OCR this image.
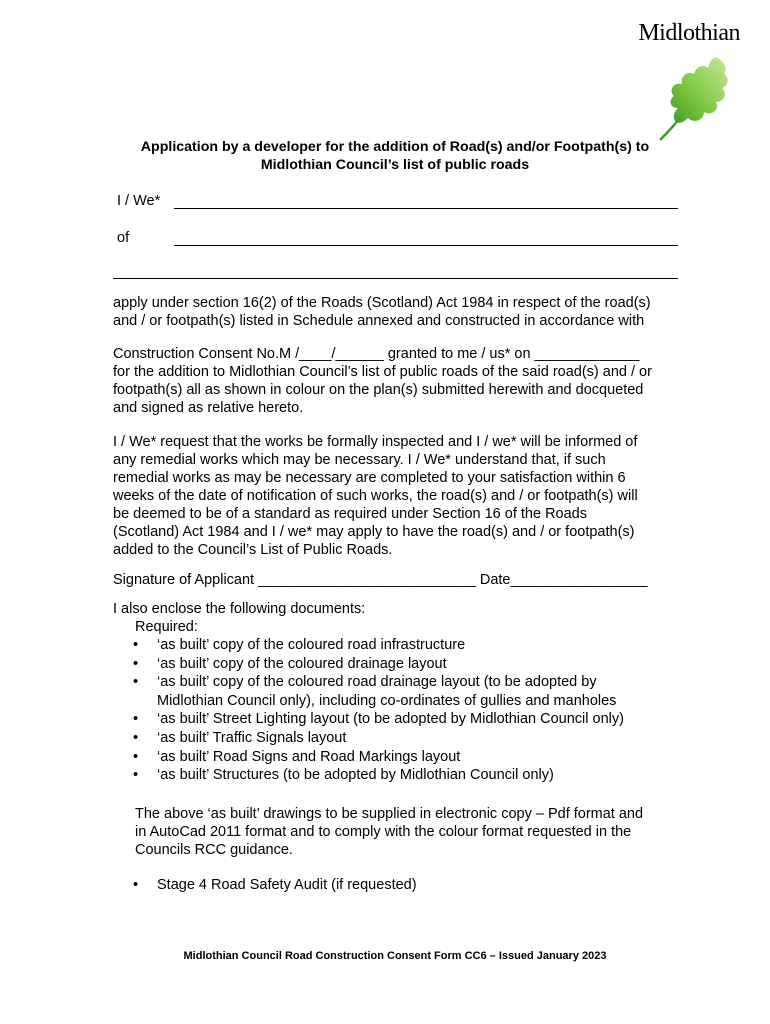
Midlothian
Application by a developer for the addition of Road(s) and/or Footpath(s) to
Midlothian Council’s list of public roads
I / We*
of
apply under section 16(2) of the Roads (Scotland) Act 1984 in respect of the road(s)
and / or footpath(s) listed in Schedule annexed and constructed in accordance with
Construction Consent No.M /____/______ granted to me / us* on _____________
for the addition to Midlothian Council’s list of public roads of the said road(s) and / or
footpath(s) all as shown in colour on the plan(s) submitted herewith and docqueted
and signed as relative hereto.
I / We* request that the works be formally inspected and I / we* will be informed of
any remedial works which may be necessary. I / We* understand that, if such
remedial works as may be necessary are completed to your satisfaction within 6
weeks of the date of notification of such works, the road(s) and / or footpath(s) will
be deemed to be of a standard as required under Section 16 of the Roads
(Scotland) Act 1984 and I / we* may apply to have the road(s) and / or footpath(s)
added to the Council’s List of Public Roads.
Signature of Applicant ___________________________ Date_________________
I also enclose the following documents:
Required:
• ‘as built’ copy of the coloured road infrastructure
• ‘as built’ copy of the coloured drainage layout
• ‘as built’ copy of the coloured road drainage layout (to be adopted by
Midlothian Council only), including co-ordinates of gullies and manholes
• ‘as built’ Street Lighting layout (to be adopted by Midlothian Council only)
• ‘as built’ Traffic Signals layout
• ‘as built’ Road Signs and Road Markings layout
• ‘as built’ Structures (to be adopted by Midlothian Council only)
The above ‘as built’ drawings to be supplied in electronic copy – Pdf format and
in AutoCad 2011 format and to comply with the colour format requested in the
Councils RCC guidance.
• Stage 4 Road Safety Audit (if requested)
Midlothian Council Road Construction Consent Form CC6 – Issued January 2023
